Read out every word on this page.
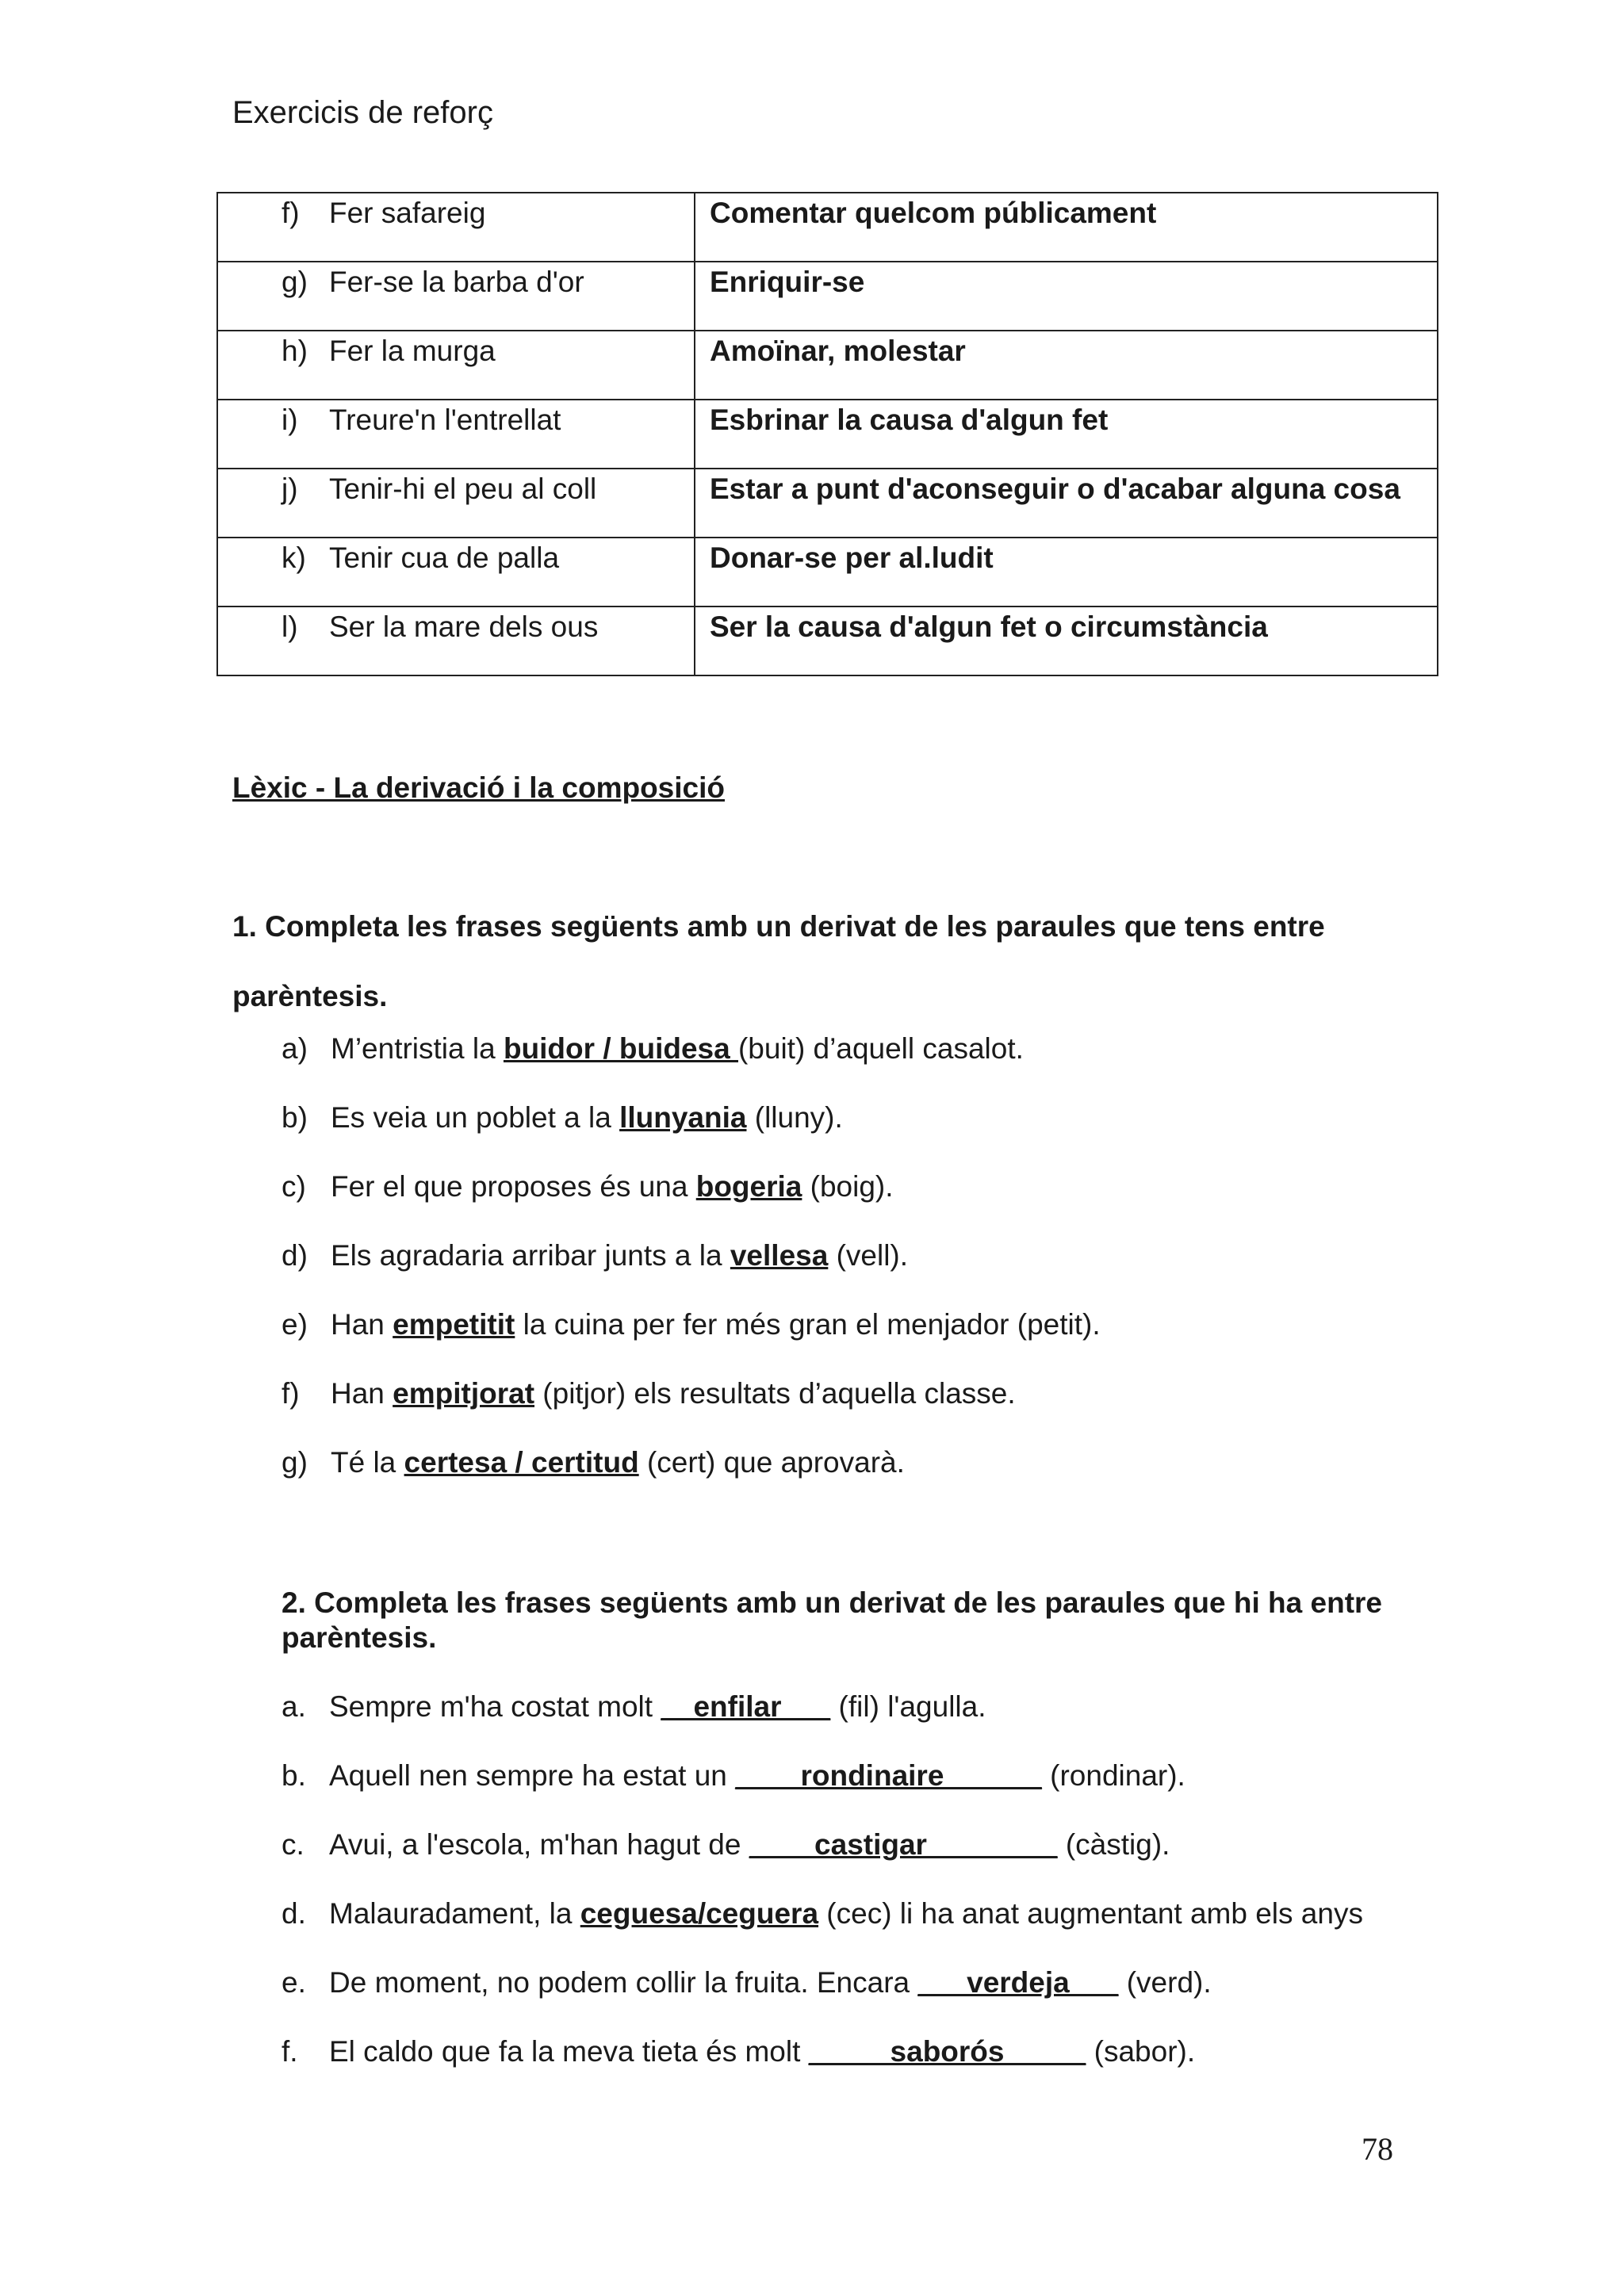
Exercicis de reforç
f) Fer safareig	Comentar quelcom públicament

g) Fer-se la barba d'or	Enriquir-se

h) Fer la murga	Amoïnar, molestar

i) Treure'n l'entrellat	Esbrinar la causa d'algun fet

j) Tenir-hi el peu al coll	Estar a punt d'aconseguir o d'acabar alguna cosa

k) Tenir cua de palla	Donar-se per al.ludit

l) Ser la mare dels ous	Ser la causa d'algun fet o circumstància
Lèxic - La derivació i la composició
1. Completa les frases següents amb un derivat de les paraules que tens entre parèntesis.
a) M’entristia la buidor / buidesa (buit) d’aquell casalot.
b) Es veia un poblet a la llunyania (lluny).
c) Fer el que proposes és una bogeria (boig).
d) Els agradaria arribar junts a la vellesa (vell).
e) Han empetitit la cuina per fer més gran el menjador (petit).
f)	Han empitjorat (pitjor) els resultats d’aquella classe.
g) Té la certesa / certitud (cert) que aprovarà.
2. Completa les frases següents amb un derivat de les paraules que hi ha entre parèntesis.
a. Sempre m'ha costat molt __enfilar___ (fil) l'agulla.
b. Aquell nen sempre ha estat un ____rondinaire______ (rondinar).
c. Avui, a l'escola, m'han hagut de ____castigar________ (càstig).
d. Malauradament, la ceguesa/ceguera (cec) li ha anat augmentant amb els anys
e. De moment, no podem collir la fruita. Encara ___verdeja___ (verd).
f.	El caldo que fa la meva tieta és molt _____saborós_____ (sabor).
78
